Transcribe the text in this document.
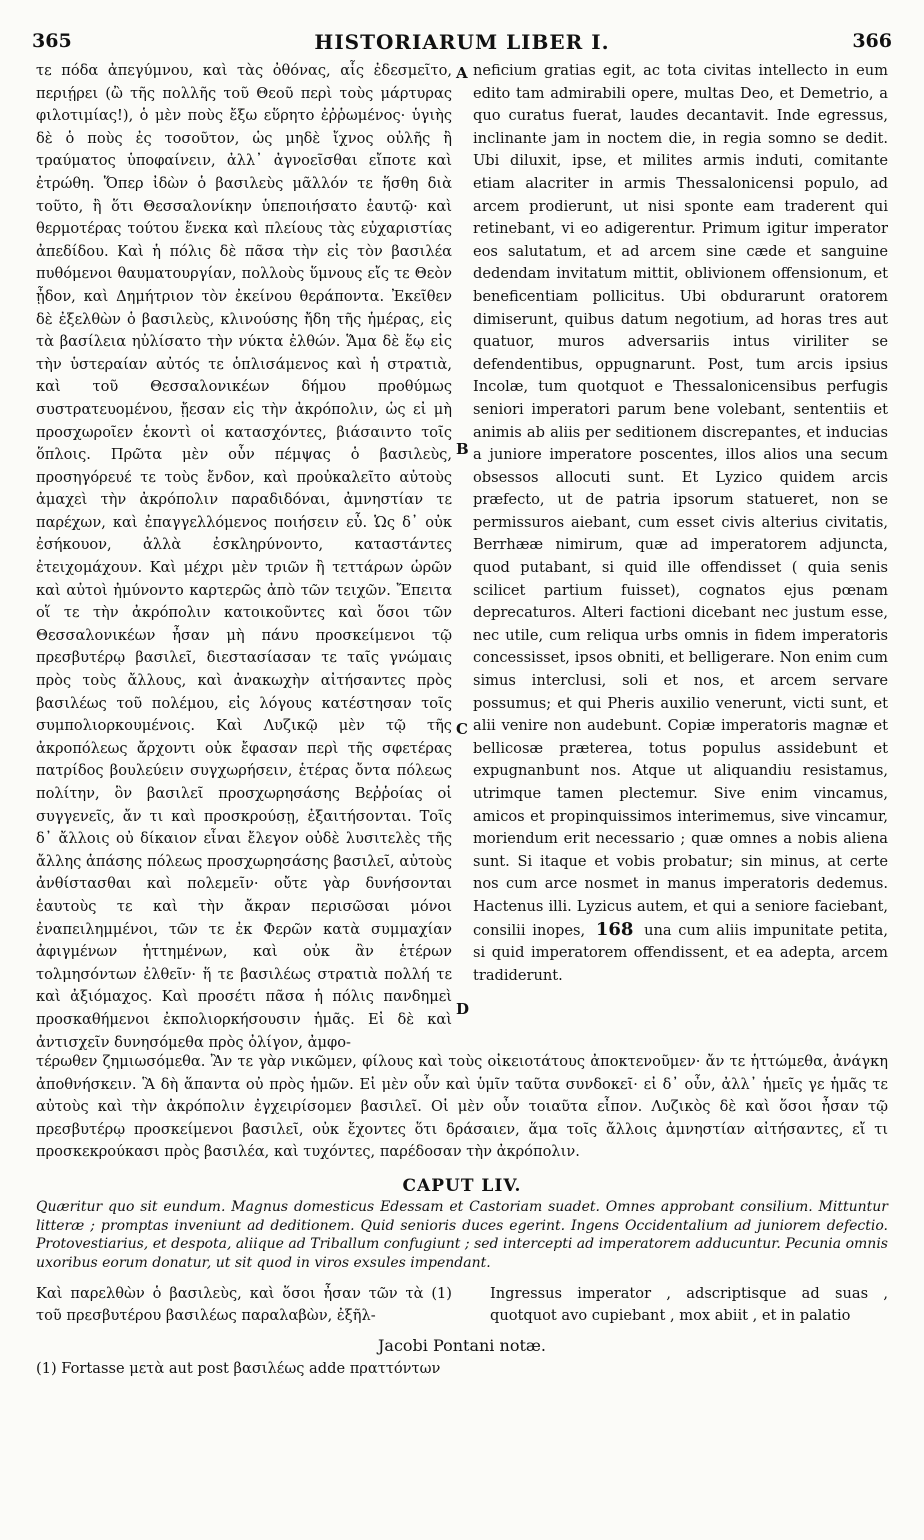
365	HISTORIARUM LIBER I.	366

τε πόδα ἀπεγύμνου, καὶ τὰς ὀθόνας, αἷς ἐδεσμεῖτο, περιῄρει (ὢ τῆς πολλῆς τοῦ Θεοῦ περὶ τοὺς μάρτυρας φιλοτιμίας!), ὁ μὲν ποὺς ἔξω εὕρητο ἐῤῥωμένος· ὑγιὴς δὲ ὁ ποὺς ἐς τοσοῦτον, ὡς μηδὲ ἴχνος οὐλῆς ἢ τραύματος ὑποφαίνειν, ἀλλ᾽ ἀγνοεῖσθαι εἴποτε καὶ ἐτρώθη. Ὅπερ ἰδὼν ὁ βασιλεὺς μᾶλλόν τε ἥσθη διὰ τοῦτο, ἢ ὅτι Θεσσαλονίκην ὑπεποιήσατο ἑαυτῷ· καὶ θερμοτέρας τούτου ἕνεκα καὶ πλείους τὰς εὐχαριστίας ἀπεδίδου. Καὶ ἡ πόλις δὲ πᾶσα τὴν εἰς τὸν βασιλέα πυθόμενοι θαυματουργίαν, πολλοὺς ὕμνους εἴς τε Θεὸν ᾖδον, καὶ Δημήτριον τὸν ἐκείνου θεράποντα. Ἐκεῖθεν δὲ ἐξελθὼν ὁ βασιλεὺς, κλινούσης ἤδη τῆς ἡμέρας, εἰς τὰ βασίλεια ηὐλίσατο τὴν νύκτα ἐλθών. Ἅμα δὲ ἕῳ εἰς τὴν ὑστεραίαν αὐτός τε ὁπλισάμενος καὶ ἡ στρατιὰ, καὶ τοῦ Θεσσαλονικέων δήμου προθύμως συστρατευομένου, ᾔεσαν εἰς τὴν ἀκρόπολιν, ὡς εἰ μὴ προσχωροῖεν ἑκοντὶ οἱ κατασχόντες, βιάσαιντο τοῖς ὅπλοις. Πρῶτα μὲν οὖν πέμψας ὁ βασιλεὺς, προσηγόρευέ τε τοὺς ἔνδον, καὶ προὐκαλεῖτο αὐτοὺς ἀμαχεὶ τὴν ἀκρόπολιν παραδιδόναι, ἀμνηστίαν τε παρέχων, καὶ ἐπαγγελλόμενος ποιήσειν εὖ. Ὡς δ᾽ οὐκ ἐσήκουον, ἀλλὰ ἐσκληρύνοντο, καταστάντες ἐτειχομάχουν. Καὶ μέχρι μὲν τριῶν ἢ τεττάρων ὡρῶν καὶ αὐτοὶ ἠμύνοντο καρτερῶς ἀπὸ τῶν τειχῶν. Ἔπειτα οἵ τε τὴν ἀκρόπολιν κατοικοῦντες καὶ ὅσοι τῶν Θεσσαλονικέων ἦσαν μὴ πάνυ προσκείμενοι τῷ πρεσβυτέρῳ βασιλεῖ, διεστασίασαν τε ταῖς γνώμαις πρὸς τοὺς ἄλλους, καὶ ἀνακωχὴν αἰτήσαντες πρὸς βασιλέως τοῦ πολέμου, εἰς λόγους κατέστησαν τοῖς συμπολιορκουμένοις. Καὶ Λυζικῷ μὲν τῷ τῆς ἀκροπόλεως ἄρχοντι οὐκ ἔφασαν περὶ τῆς σφετέρας πατρίδος βουλεύειν συγχωρήσειν, ἑτέρας ὄντα πόλεως πολίτην, ὃν βασιλεῖ προσχωρησάσης Βεῤῥοίας οἱ συγγενεῖς, ἄν τι καὶ προσκρούσῃ, ἐξαιτήσονται. Τοῖς δ᾽ ἄλλοις οὐ δίκαιον εἶναι ἔλεγον οὐδὲ λυσιτελὲς τῆς ἄλλης ἁπάσης πόλεως προσχωρησάσης βασιλεῖ, αὐτοὺς ἀνθίστασθαι καὶ πολεμεῖν· οὔτε γὰρ δυνήσονται ἑαυτοὺς τε καὶ τὴν ἄκραν περισῶσαι μόνοι ἐναπειλημμένοι, τῶν τε ἐκ Φερῶν κατὰ συμμαχίαν ἀφιγμένων ἡττημένων, καὶ οὐκ ἂν ἑτέρων τολμησόντων ἐλθεῖν· ἥ τε βασιλέως στρατιὰ πολλή τε καὶ ἀξιόμαχος. Καὶ προσέτι πᾶσα ἡ πόλις πανδημεὶ προσκαθήμενοι ἐκπολιορκήσουσιν ἡμᾶς. Εἰ δὲ καὶ ἀντισχεῖν δυνησόμεθα πρὸς ὀλίγον, ἀμφο-

A
B
C
D

neficium gratias egit, ac tota civitas intellecto in eum edito tam admirabili opere, multas Deo, et Demetrio, a quo curatus fuerat, laudes decantavit. Inde egressus, inclinante jam in noctem die, in regia somno se dedit. Ubi diluxit, ipse, et milites armis induti, comitante etiam alacriter in armis Thessalonicensi populo, ad arcem prodierunt, ut nisi sponte eam traderent qui retinebant, vi eo adigerentur. Primum igitur imperator eos salutatum, et ad arcem sine cæde et sanguine dedendam invitatum mittit, oblivionem offensionum, et beneficentiam pollicitus. Ubi obdurarunt oratorem dimiserunt, quibus datum negotium, ad horas tres aut quatuor, muros adversariis intus viriliter se defendentibus, oppugnarunt. Post, tum arcis ipsius Incolæ, tum quotquot e Thessalonicensibus perfugis seniori imperatori parum bene volebant, sententiis et animis ab aliis per seditionem discrepantes, et inducias a juniore imperatore poscentes, illos alios una secum obsessos allocuti sunt. Et Lyzico quidem arcis præfecto, ut de patria ipsorum statueret, non se permissuros aiebant, cum esset civis alterius civitatis, Berrhææ nimirum, quæ ad imperatorem adjuncta, quod putabant, si quid ille offendisset ( quia senis scilicet partium fuisset), cognatos ejus pœnam deprecaturos. Alteri factioni dicebant nec justum esse, nec utile, cum reliqua urbs omnis in fidem imperatoris concessisset, ipsos obniti, et belligerare. Non enim cum simus interclusi, soli et nos, et arcem servare possumus; et qui Pheris auxilio venerunt, victi sunt, et alii venire non audebunt. Copiæ imperatoris magnæ et bellicosæ præterea, totus populus assidebunt et expugnanbunt nos. Atque ut aliquandiu resistamus, utrimque tamen plectemur. Sive enim vincamus, amicos et propinquissimos interimemus, sive vincamur, moriendum erit necessario ; quæ omnes a nobis aliena sunt. Si itaque et vobis probatur; sin minus, at certe nos cum arce nosmet in manus imperatoris dedemus. Hactenus illi. Lyzicus autem, et qui a seniore faciebant, consilii inopes, 168 una cum aliis impunitate petita, si quid imperatorem offendissent, et ea adepta, arcem tradiderunt.

τέρωθεν ζημιωσόμεθα. Ἂν τε γὰρ νικῶμεν, φίλους καὶ τοὺς οἰκειοτάτους ἀποκτενοῦμεν· ἄν τε ἡττώμεθα, ἀνάγκη ἀποθνήσκειν. Ἃ δὴ ἅπαντα οὐ πρὸς ἡμῶν. Εἰ μὲν οὖν καὶ ὑμῖν ταῦτα συνδοκεῖ· εἰ δ᾽ οὖν, ἀλλ᾽ ἡμεῖς γε ἡμᾶς τε αὐτοὺς καὶ τὴν ἀκρόπολιν ἐγχειρίσομεν βασιλεῖ. Οἱ μὲν οὖν τοιαῦτα εἶπον. Λυζικὸς δὲ καὶ ὅσοι ἦσαν τῷ πρεσβυτέρῳ προσκείμενοι βασιλεῖ, οὐκ ἔχοντες ὅτι δράσαιεν, ἅμα τοῖς ἄλλοις ἀμνηστίαν αἰτήσαντες, εἴ τι προσκεκρούκασι πρὸς βασιλέα, καὶ τυχόντες, παρέδοσαν τὴν ἀκρόπολιν.

CAPUT LIV.
Quæritur quo sit eundum. Magnus domesticus Edessam et Castoriam suadet. Omnes approbant consilium. Mittuntur litteræ ; promptas inveniunt ad deditionem. Quid senioris duces egerint. Ingens Occidentalium ad juniorem defectio. Protovestiarius, et despota, aliique ad Triballum confugiunt ; sed intercepti ad imperatorem adducuntur. Pecunia omnis uxoribus eorum donatur, ut sit quod in viros exsules impendant.
Καὶ παρελθὼν ὁ βασιλεὺς, καὶ ὅσοι ἦσαν τῶν τὰ (1) τοῦ πρεσβυτέρου βασιλέως παραλαβὼν, ἐξῆλ-
Ingressus imperator , adscriptisque ad suas , quotquot avo cupiebant , mox abiit , et in palatio
Jacobi Pontani notæ.
(1) Fortasse μετὰ aut post βασιλέως adde πραττόντων
